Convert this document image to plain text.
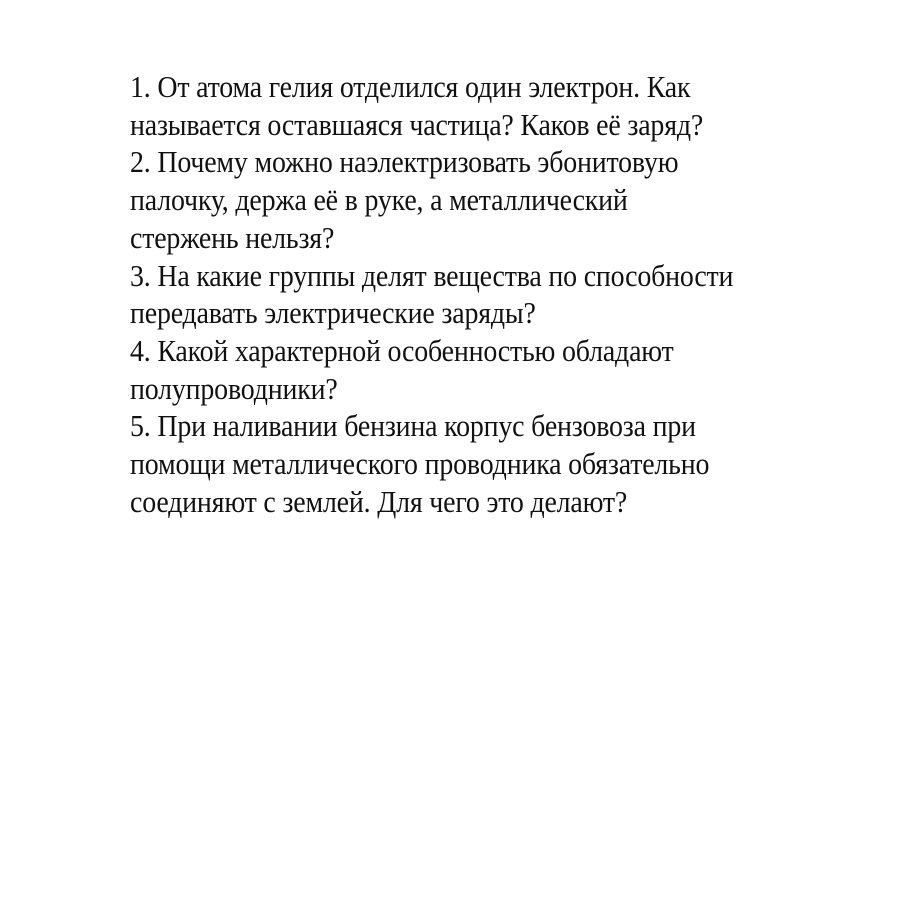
1. От атома гелия отделился один электрон. Как
называется оставшаяся частица? Каков её заряд?
2. Почему можно наэлектризовать эбонитовую
палочку, держа её в руке, а металлический
стержень нельзя?
3. На какие группы делят вещества по способности
передавать электрические заряды?
4. Какой характерной особенностью обладают
полупроводники?
5. При наливании бензина корпус бензовоза при
помощи металлического проводника обязательно
соединяют с землей. Для чего это делают?
